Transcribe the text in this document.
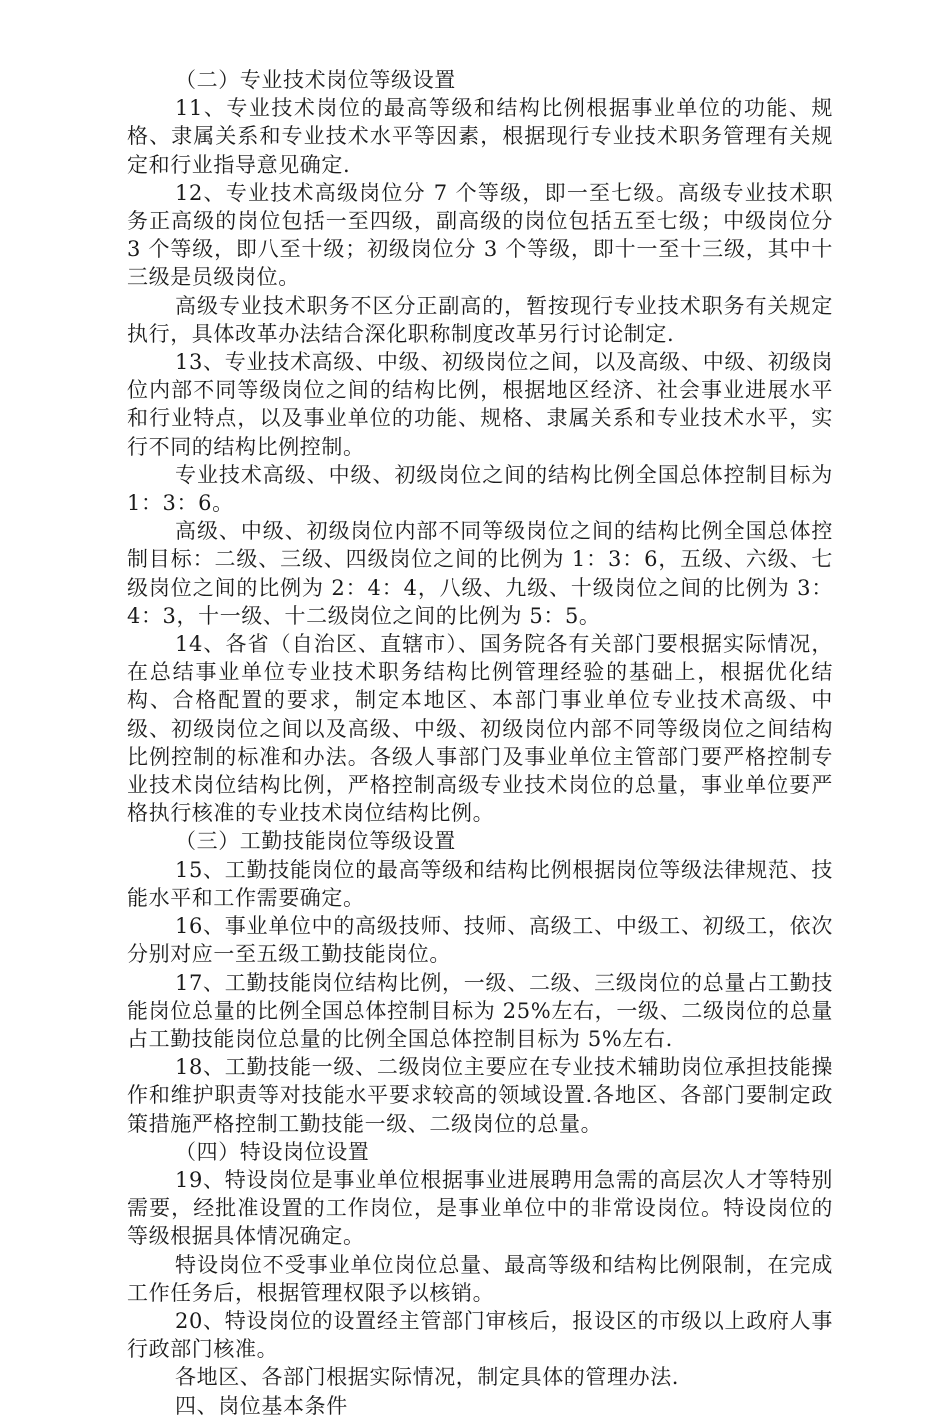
（二）专业技术岗位等级设置

11、专业技术岗位的最高等级和结构比例根据事业单位的功能、规格、隶属关系和专业技术水平等因素，根据现行专业技术职务管理有关规定和行业指导意见确定.

12、专业技术高级岗位分 7 个等级，即一至七级。高级专业技术职务正高级的岗位包括一至四级，副高级的岗位包括五至七级；中级岗位分 3 个等级，即八至十级；初级岗位分 3 个等级，即十一至十三级，其中十三级是员级岗位。

高级专业技术职务不区分正副高的，暂按现行专业技术职务有关规定执行，具体改革办法结合深化职称制度改革另行讨论制定.

13、专业技术高级、中级、初级岗位之间，以及高级、中级、初级岗位内部不同等级岗位之间的结构比例，根据地区经济、社会事业进展水平和行业特点，以及事业单位的功能、规格、隶属关系和专业技术水平，实行不同的结构比例控制。

专业技术高级、中级、初级岗位之间的结构比例全国总体控制目标为 1：3：6。

高级、中级、初级岗位内部不同等级岗位之间的结构比例全国总体控制目标：二级、三级、四级岗位之间的比例为 1：3：6，五级、六级、七级岗位之间的比例为 2：4：4，八级、九级、十级岗位之间的比例为 3：4：3，十一级、十二级岗位之间的比例为 5：5。

14、各省（自治区、直辖市）、国务院各有关部门要根据实际情况，在总结事业单位专业技术职务结构比例管理经验的基础上，根据优化结构、合格配置的要求，制定本地区、本部门事业单位专业技术高级、中级、初级岗位之间以及高级、中级、初级岗位内部不同等级岗位之间结构比例控制的标准和办法。各级人事部门及事业单位主管部门要严格控制专业技术岗位结构比例，严格控制高级专业技术岗位的总量，事业单位要严格执行核准的专业技术岗位结构比例。

（三）工勤技能岗位等级设置

15、工勤技能岗位的最高等级和结构比例根据岗位等级法律规范、技能水平和工作需要确定。

16、事业单位中的高级技师、技师、高级工、中级工、初级工，依次分别对应一至五级工勤技能岗位。

17、工勤技能岗位结构比例，一级、二级、三级岗位的总量占工勤技能岗位总量的比例全国总体控制目标为 25%左右，一级、二级岗位的总量占工勤技能岗位总量的比例全国总体控制目标为 5%左右.

18、工勤技能一级、二级岗位主要应在专业技术辅助岗位承担技能操作和维护职责等对技能水平要求较高的领域设置.各地区、各部门要制定政策措施严格控制工勤技能一级、二级岗位的总量。

（四）特设岗位设置

19、特设岗位是事业单位根据事业进展聘用急需的高层次人才等特别需要，经批准设置的工作岗位，是事业单位中的非常设岗位。特设岗位的等级根据具体情况确定。

特设岗位不受事业单位岗位总量、最高等级和结构比例限制，在完成工作任务后，根据管理权限予以核销。

20、特设岗位的设置经主管部门审核后，报设区的市级以上政府人事行政部门核准。

各地区、各部门根据实际情况，制定具体的管理办法.

四、岗位基本条件
